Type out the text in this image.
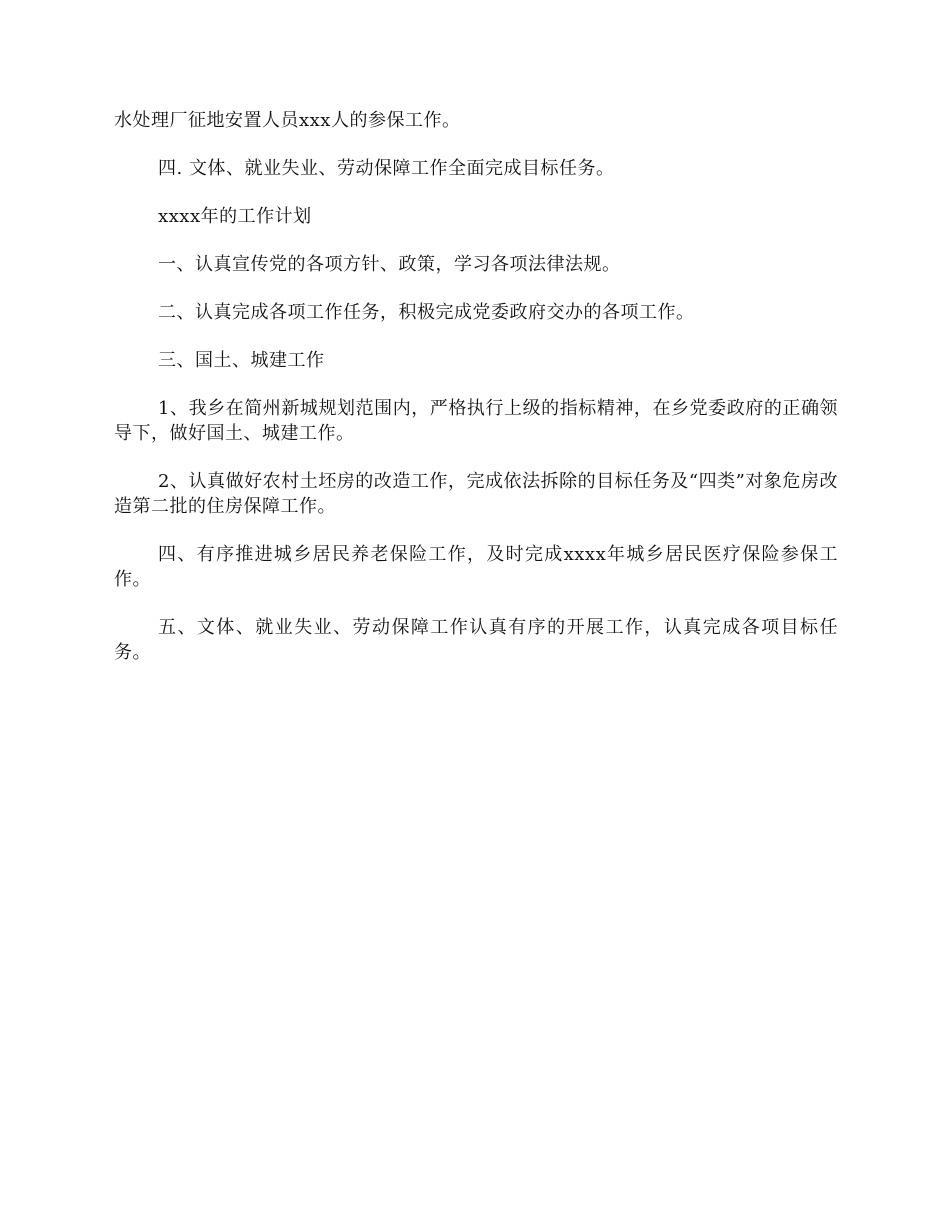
水处理厂征地安置人员xxx人的参保工作。

四. 文体、就业失业、劳动保障工作全面完成目标任务。

xxxx年的工作计划

一、认真宣传党的各项方针、政策，学习各项法律法规。

二、认真完成各项工作任务，积极完成党委政府交办的各项工作。

三、国土、城建工作

1、我乡在简州新城规划范围内，严格执行上级的指标精神，在乡党委政府的正确领导下，做好国土、城建工作。

2、认真做好农村土坯房的改造工作，完成依法拆除的目标任务及“四类”对象危房改造第二批的住房保障工作。

四、有序推进城乡居民养老保险工作，及时完成xxxx年城乡居民医疗保险参保工作。

五、文体、就业失业、劳动保障工作认真有序的开展工作，认真完成各项目标任务。
